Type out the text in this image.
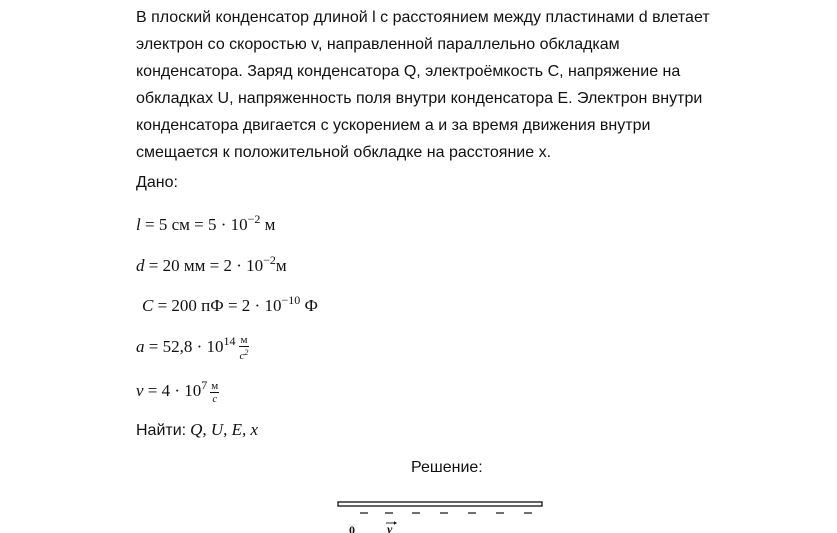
В плоский конденсатор длиной l с расстоянием между пластинами d влетает
электрон со скоростью v, направленной параллельно обкладкам
конденсатора. Заряд конденсатора Q, электроёмкость С, напряжение на
обкладках U, напряженность поля внутри конденсатора Е. Электрон внутри
конденсатора двигается с ускорением а и за время движения внутри
смещается к положительной обкладке на расстояние x.
Дано:
l = 5 см = $5 \cdot 10^{-2}$ м
d = 20 мм = $2 \cdot 10^{-2}м$
C = 200 пФ = $2 \cdot 10^{-10}$ Ф
$a = 52,8 \cdot 10^{14} \frac{м}{с^2}$
$v = 4 \cdot 10^7 \frac{м}{с}$
Найти: Q, U, E, x
Решение:
0	v
